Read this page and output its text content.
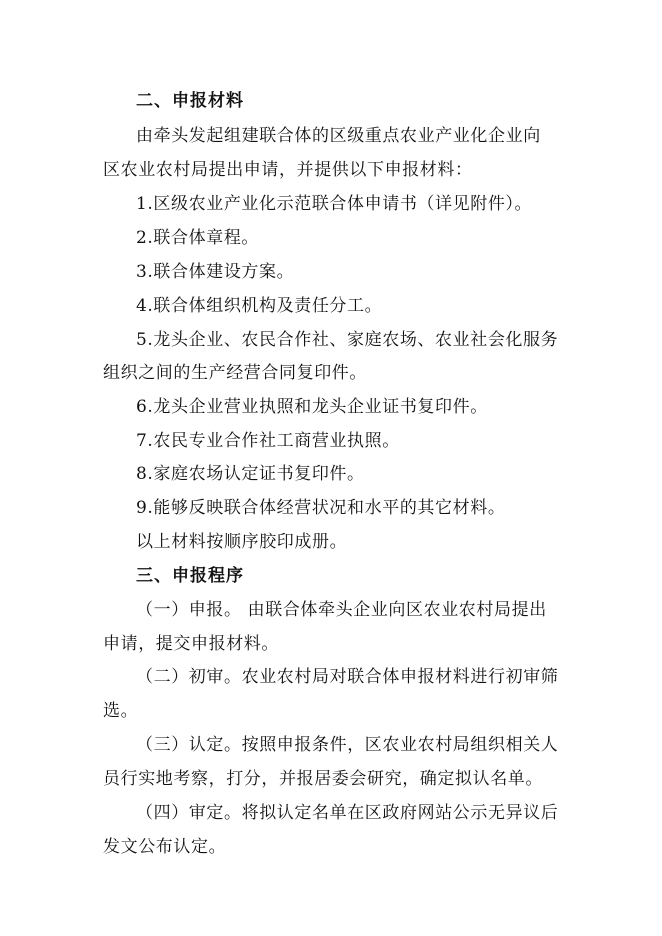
二、申报材料
由牵头发起组建联合体的区级重点农业产业化企业向
区农业农村局提出申请，并提供以下申报材料：
1.区级农业产业化示范联合体申请书（详见附件）。
2.联合体章程。
3.联合体建设方案。
4.联合体组织机构及责任分工。
5.龙头企业、农民合作社、家庭农场、农业社会化服务
组织之间的生产经营合同复印件。
6.龙头企业营业执照和龙头企业证书复印件。
7.农民专业合作社工商营业执照。
8.家庭农场认定证书复印件。
9.能够反映联合体经营状况和水平的其它材料。
以上材料按顺序胶印成册。
三、申报程序
（一）申报。 由联合体牵头企业向区农业农村局提出
申请，提交申报材料。
（二）初审。农业农村局对联合体申报材料进行初审筛
选。
（三）认定。按照申报条件，区农业农村局组织相关人
员行实地考察，打分，并报居委会研究，确定拟认名单。
（四）审定。将拟认定名单在区政府网站公示无异议后
发文公布认定。
